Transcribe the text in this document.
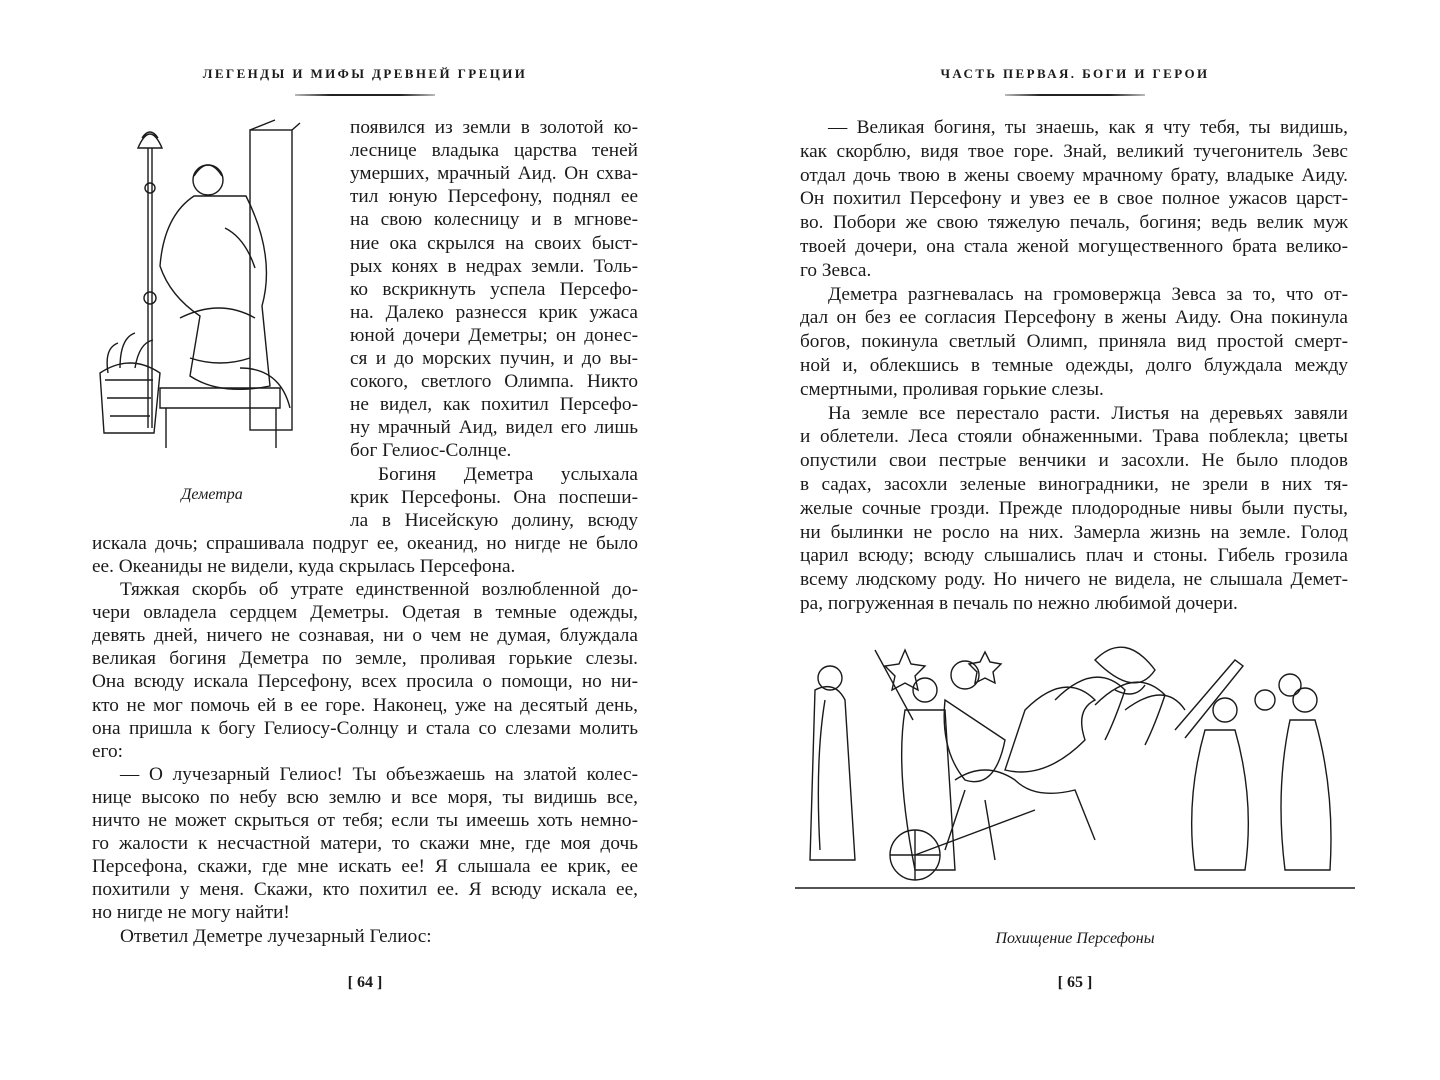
ЛЕГЕНДЫ И МИФЫ ДРЕВНЕЙ ГРЕЦИИ
Деметра
появился из земли в золотой ко-
леснице владыка царства теней
умерших, мрачный Аид. Он схва-
тил юную Персефону, поднял ее
на свою колесницу и в мгнове-
ние ока скрылся на своих быст-
рых конях в недрах земли. Толь-
ко вскрикнуть успела Персефо-
на. Далеко разнесся крик ужаса
юной дочери Деметры; он донес-
ся и до морских пучин, и до вы-
сокого, светлого Олимпа. Никто
не видел, как похитил Персефо-
ну мрачный Аид, видел его лишь
бог Гелиос-Солнце.
Богиня Деметра услыхала
крик Персефоны. Она поспеши-
ла в Нисейскую долину, всюду
искала дочь; спрашивала подруг ее, океанид, но нигде не было
ее. Океаниды не видели, куда скрылась Персефона.
Тяжкая скорбь об утрате единственной возлюбленной до-
чери овладела сердцем Деметры. Одетая в темные одежды,
девять дней, ничего не сознавая, ни о чем не думая, блуждала
великая богиня Деметра по земле, проливая горькие слезы.
Она всюду искала Персефону, всех просила о помощи, но ни-
кто не мог помочь ей в ее горе. Наконец, уже на десятый день,
она пришла к богу Гелиосу-Солнцу и стала со слезами молить
его:
— О лучезарный Гелиос! Ты объезжаешь на златой колес-
нице высоко по небу всю землю и все моря, ты видишь все,
ничто не может скрыться от тебя; если ты имеешь хоть немно-
го жалости к несчастной матери, то скажи мне, где моя дочь
Персефона, скажи, где мне искать ее! Я слышала ее крик, ее
похитили у меня. Скажи, кто похитил ее. Я всюду искала ее,
но нигде не могу найти!
Ответил Деметре лучезарный Гелиос:
[ 64 ]
ЧАСТЬ ПЕРВАЯ. БОГИ И ГЕРОИ
— Великая богиня, ты знаешь, как я чту тебя, ты видишь,
как скорблю, видя твое горе. Знай, великий тучегонитель Зевс
отдал дочь твою в жены своему мрачному брату, владыке Аиду.
Он похитил Персефону и увез ее в свое полное ужасов царст-
во. Побори же свою тяжелую печаль, богиня; ведь велик муж
твоей дочери, она стала женой могущественного брата велико-
го Зевса.
Деметра разгневалась на громовержца Зевса за то, что от-
дал он без ее согласия Персефону в жены Аиду. Она покинула
богов, покинула светлый Олимп, приняла вид простой смерт-
ной и, облекшись в темные одежды, долго блуждала между
смертными, проливая горькие слезы.
На земле все перестало расти. Листья на деревьях завяли
и облетели. Леса стояли обнаженными. Трава поблекла; цветы
опустили свои пестрые венчики и засохли. Не было плодов
в садах, засохли зеленые виноградники, не зрели в них тя-
желые сочные грозди. Прежде плодородные нивы были пусты,
ни былинки не росло на них. Замерла жизнь на земле. Голод
царил всюду; всюду слышались плач и стоны. Гибель грозила
всему людскому роду. Но ничего не видела, не слышала Демет-
ра, погруженная в печаль по нежно любимой дочери.
Похищение Персефоны
[ 65 ]
